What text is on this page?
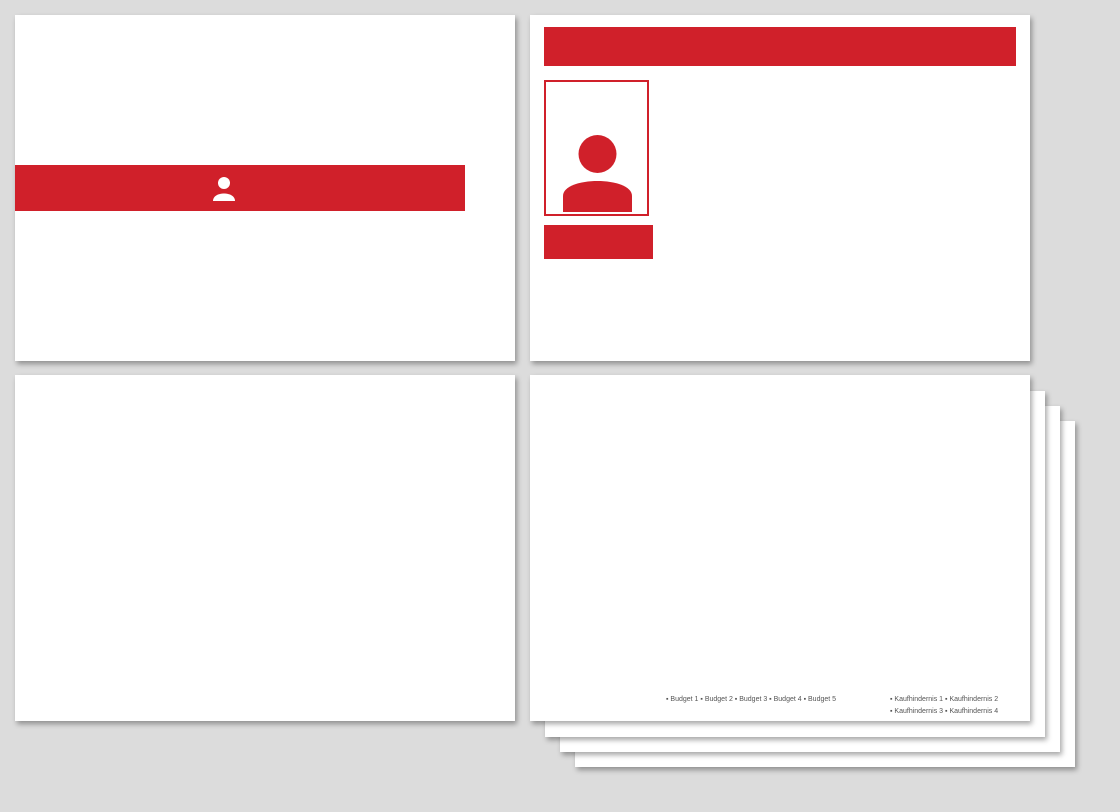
▪ Budget 1 ▪ Budget 2 ▪ Budget 3 ▪ Budget 4 ▪ Budget 5	▪ Kaufhindernis 1 ▪ Kaufhindernis 2
▪ Kaufhindernis 3 ▪ Kaufhindernis 4
